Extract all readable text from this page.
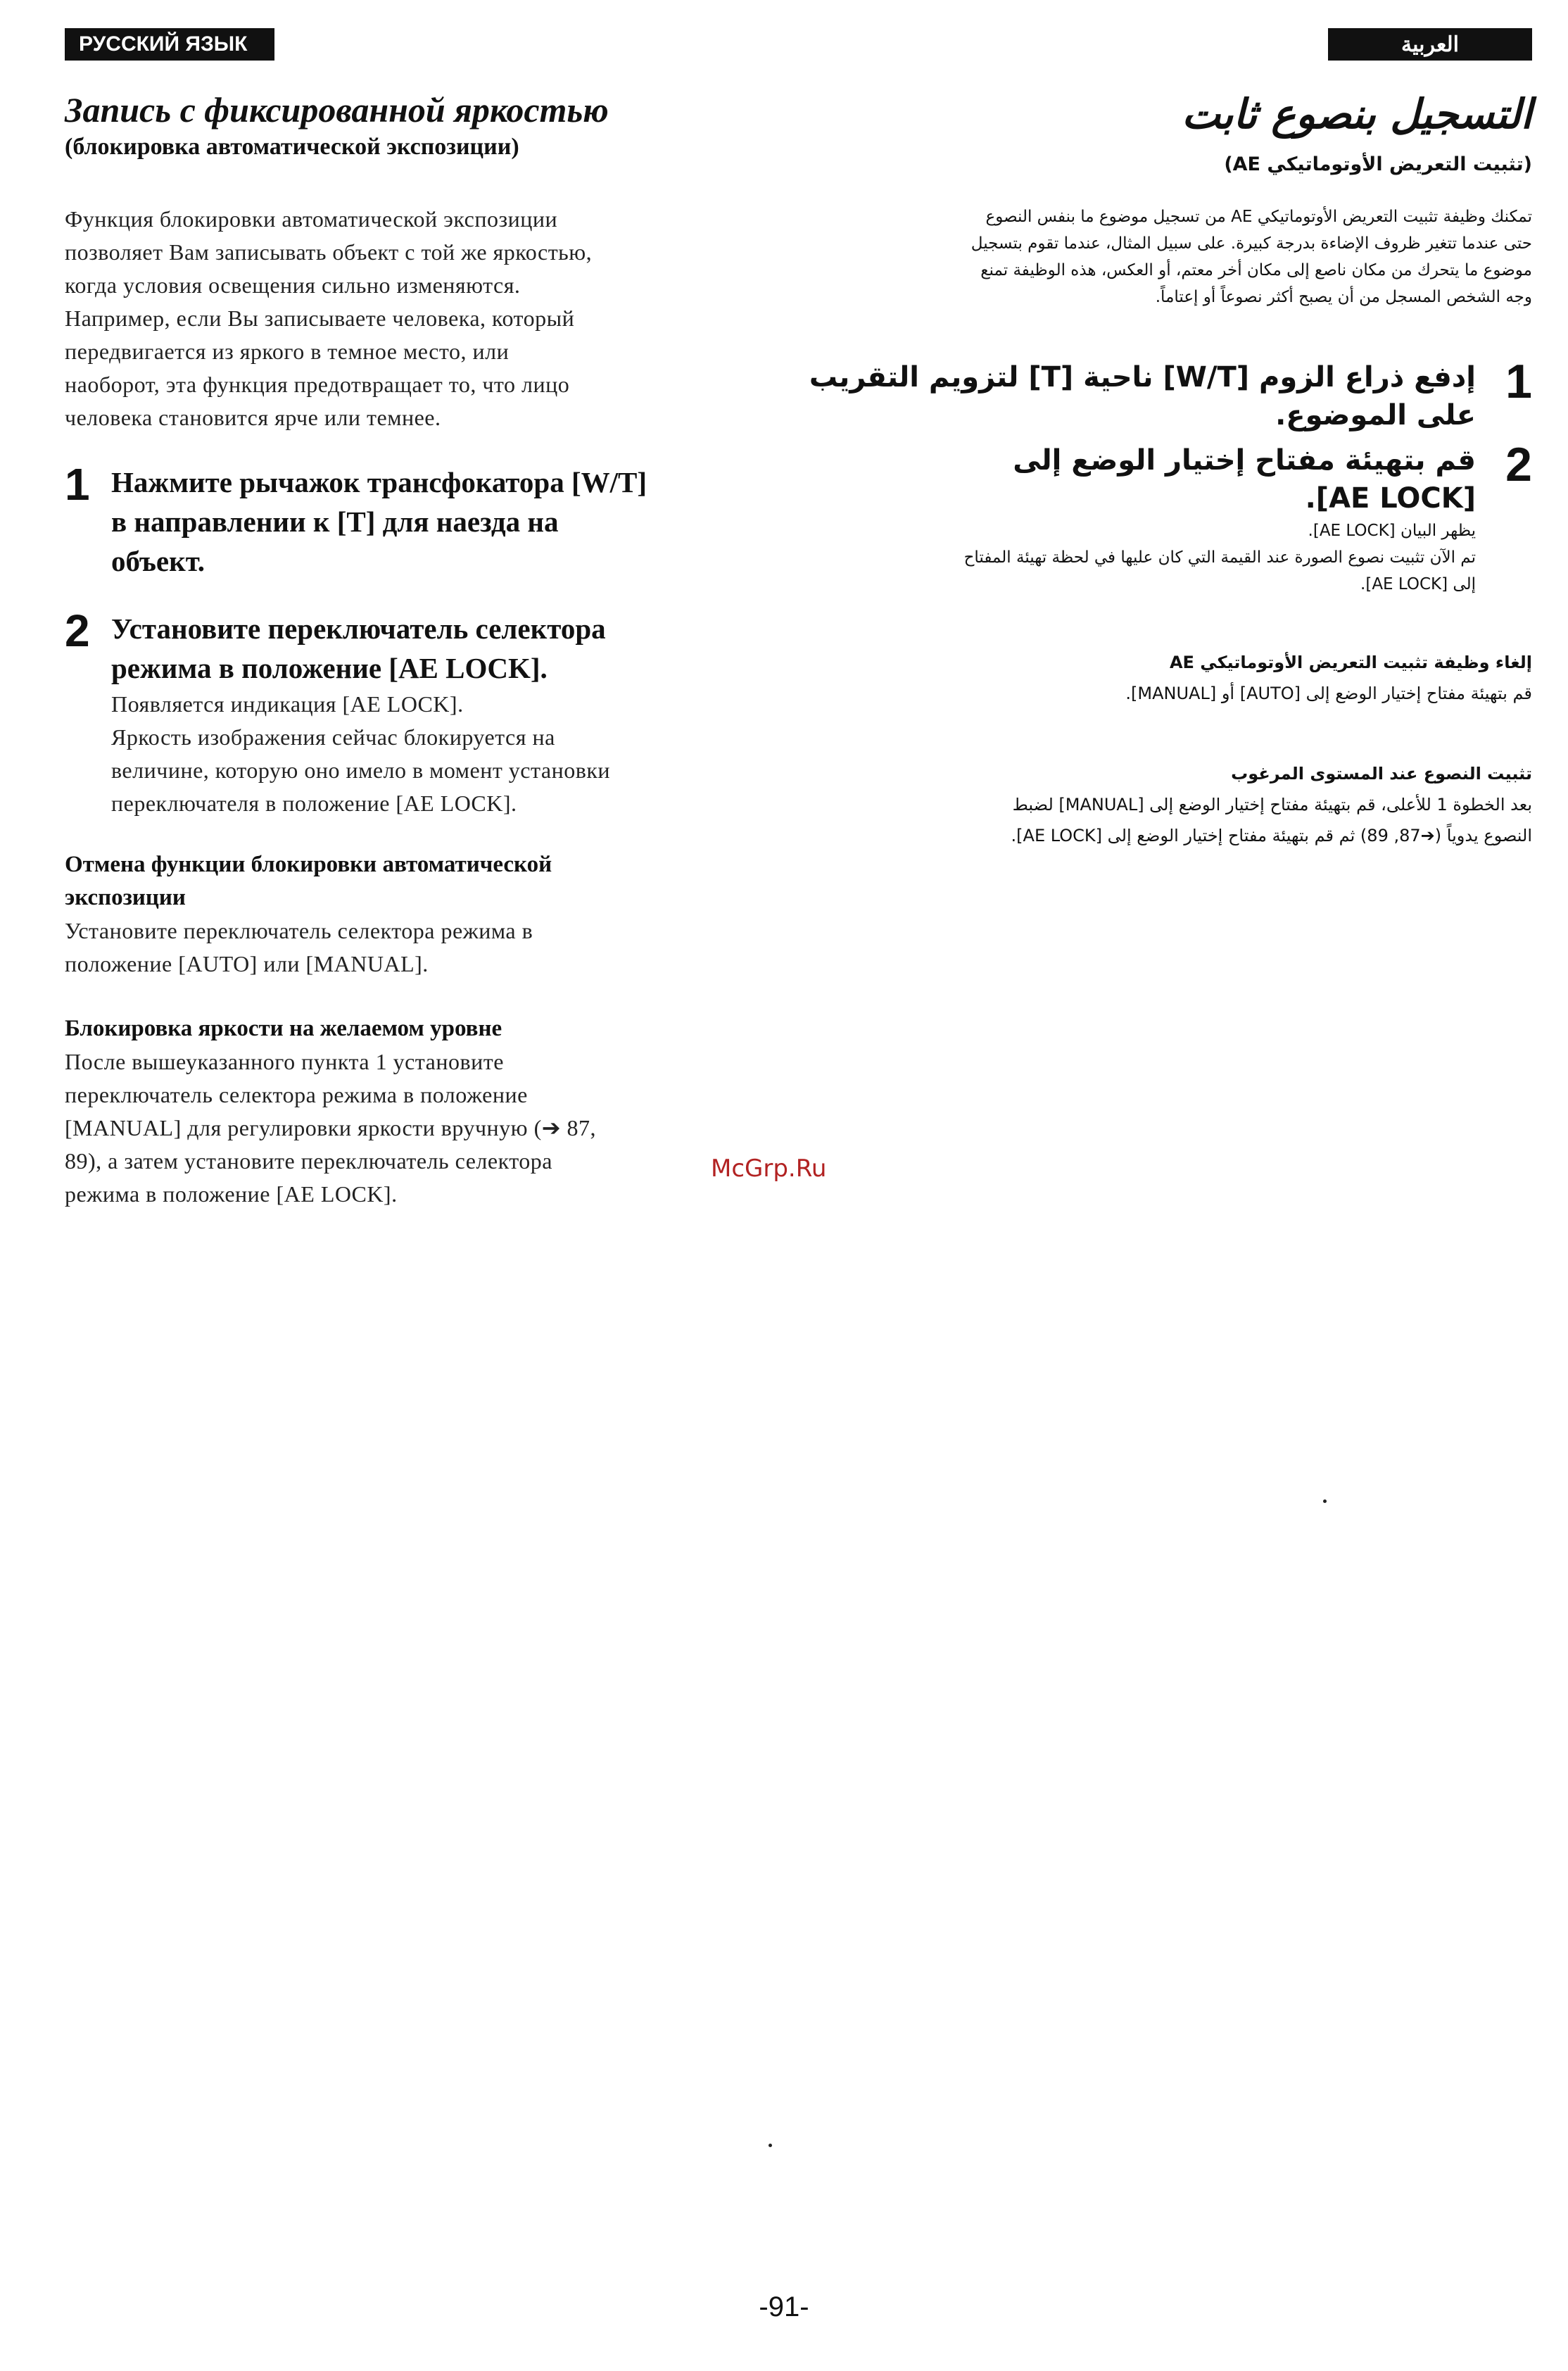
РУССКИЙ ЯЗЫК	العربية
Запись с фиксированной яркостью
(блокировка автоматической экспозиции)
Функция блокировки автоматической экспозиции
позволяет Вам записывать объект с той же яркостью,
когда условия освещения сильно изменяются.
Например, если Вы записываете человека, который
передвигается из яркого в темное место, или
наоборот, эта функция предотвращает то, что лицо
человека становится ярче или темнее.
1 Нажмите рычажок трансфокатора [W/T]
в направлении к [T] для наезда на
объект.
2 Установите переключатель селектора
режима в положение [AE LOCK].
Появляется индикация [AE LOCK].
Яркость изображения сейчас блокируется на
величине, которую оно имело в момент установки
переключателя в положение [AE LOCK].
Отмена функции блокировки автоматической
экспозиции
Установите переключатель селектора режима в
положение [AUTO] или [MANUAL].
Блокировка яркости на желаемом уровне
После вышеуказанного пункта 1 установите
переключатель селектора режима в положение
[MANUAL] для регулировки яркости вручную (➔ 87,
89), а затем установите переключатель селектора
режима в положение [AE LOCK].
التسجيل بنصوع ثابت
(تثبيت التعريض الأوتوماتيكي AE)
تمكنك وظيفة تثبيت التعريض الأوتوماتيكي AE من تسجيل موضوع ما بنفس النصوع
حتى عندما تتغير ظروف الإضاءة بدرجة كبيرة. على سبيل المثال، عندما تقوم بتسجيل
موضوع ما يتحرك من مكان ناصع إلى مكان أخر معتم، أو العكس، هذه الوظيفة تمنع
وجه الشخص المسجل من أن يصبح أكثر نصوعاً أو إعتاماً.
1
إدفع ذراع الزوم [W/T] ناحية [T] لتزويم التقريب
على الموضوع.
2
قم بتهيئة مفتاح إختيار الوضع إلى
[AE LOCK].
يظهر البيان [AE LOCK].
تم الآن تثبيت نصوع الصورة عند القيمة التي كان عليها في لحظة تهيئة المفتاح
إلى [AE LOCK].
إلغاء وظيفة تثبيت التعريض الأوتوماتيكي AE
قم بتهيئة مفتاح إختيار الوضع إلى [AUTO] أو [MANUAL].
تثبيت النصوع عند المستوى المرغوب
بعد الخطوة 1 للأعلى، قم بتهيئة مفتاح إختيار الوضع إلى [MANUAL] لضبط
النصوع يدوياً (➔87, 89) ثم قم بتهيئة مفتاح إختيار الوضع إلى [AE LOCK].
McGrp.Ru
-91-
